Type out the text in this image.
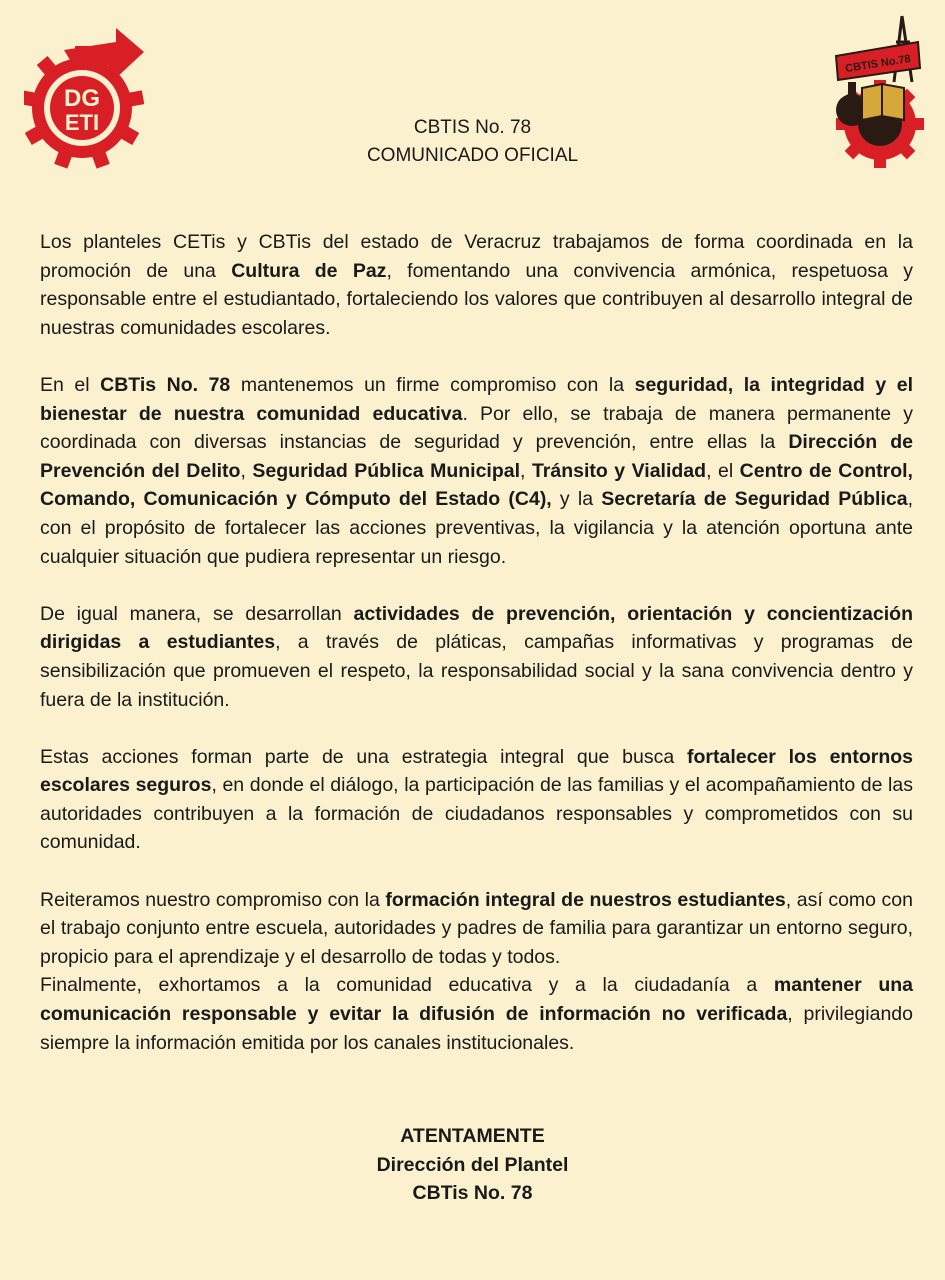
DG
ETI
CBTIS No.78
CBTIS No. 78
COMUNICADO OFICIAL

Los planteles CETis y CBTis del estado de Veracruz trabajamos de forma coordinada en la promoción de una Cultura de Paz, fomentando una convivencia armónica, respetuosa y responsable entre el estudiantado, fortaleciendo los valores que contribuyen al desarrollo integral de nuestras comunidades escolares.

En el CBTis No. 78 mantenemos un firme compromiso con la seguridad, la integridad y el bienestar de nuestra comunidad educativa. Por ello, se trabaja de manera permanente y coordinada con diversas instancias de seguridad y prevención, entre ellas la Dirección de Prevención del Delito, Seguridad Pública Municipal, Tránsito y Vialidad, el Centro de Control, Comando, Comunicación y Cómputo del Estado (C4), y la Secretaría de Seguridad Pública, con el propósito de fortalecer las acciones preventivas, la vigilancia y la atención oportuna ante cualquier situación que pudiera representar un riesgo.

De igual manera, se desarrollan actividades de prevención, orientación y concientización dirigidas a estudiantes, a través de pláticas, campañas informativas y programas de sensibilización que promueven el respeto, la responsabilidad social y la sana convivencia dentro y fuera de la institución.

Estas acciones forman parte de una estrategia integral que busca fortalecer los entornos escolares seguros, en donde el diálogo, la participación de las familias y el acompañamiento de las autoridades contribuyen a la formación de ciudadanos responsables y comprometidos con su comunidad.

Reiteramos nuestro compromiso con la formación integral de nuestros estudiantes, así como con el trabajo conjunto entre escuela, autoridades y padres de familia para garantizar un entorno seguro, propicio para el aprendizaje y el desarrollo de todas y todos.

Finalmente, exhortamos a la comunidad educativa y a la ciudadanía a mantener una comunicación responsable y evitar la difusión de información no verificada, privilegiando siempre la información emitida por los canales institucionales.

ATENTAMENTE
Dirección del Plantel
CBTis No. 78
